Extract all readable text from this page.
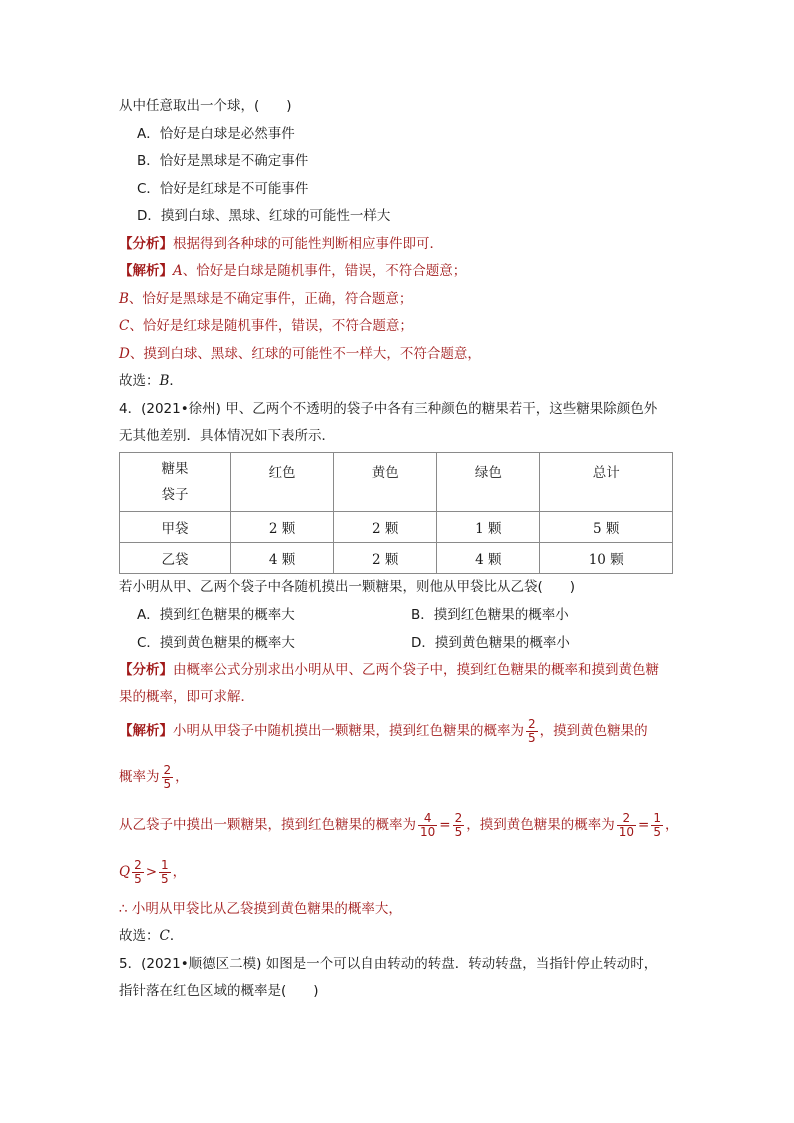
从中任意取出一个球，(　　)
A．恰好是白球是必然事件
B．恰好是黑球是不确定事件
C．恰好是红球是不可能事件
D．摸到白球、黑球、红球的可能性一样大
【分析】根据得到各种球的可能性判断相应事件即可．
【解析】A、恰好是白球是随机事件，错误，不符合题意；
B、恰好是黑球是不确定事件，正确，符合题意；
C、恰好是红球是随机事件，错误，不符合题意；
D、摸到白球、黑球、红球的可能性不一样大，不符合题意，
故选：B．
4．(2021•徐州) 甲、乙两个不透明的袋子中各有三种颜色的糖果若干，这些糖果除颜色外
无其他差别．具体情况如下表所示．
糖果
袋子	红色	黄色	绿色	总计

甲袋	2 颗	2 颗	1 颗	5 颗
乙袋	4 颗	2 颗	4 颗	10 颗
若小明从甲、乙两个袋子中各随机摸出一颗糖果，则他从甲袋比从乙袋(　　)
A．摸到红色糖果的概率大	B．摸到红色糖果的概率小
C．摸到黄色糖果的概率大	D．摸到黄色糖果的概率小
【分析】由概率公式分别求出小明从甲、乙两个袋子中，摸到红色糖果的概率和摸到黄色糖
果的概率，即可求解．
【解析】小明从甲袋子中随机摸出一颗糖果，摸到红色糖果的概率为 $\frac{2}{5}$ ，摸到黄色糖果的
概率为 $\frac{2}{5}$ ，
从乙袋子中摸出一颗糖果，摸到红色糖果的概率为 $\frac{4}{10} = \frac{2}{5}$ ，摸到黄色糖果的概率为 $\frac{2}{10} = \frac{1}{5}$ ，
Q $\frac{2}{5} > \frac{1}{5}$ ，
∴ 小明从甲袋比从乙袋摸到黄色糖果的概率大，
故选：C．
5．(2021•顺德区二模) 如图是一个可以自由转动的转盘．转动转盘，当指针停止转动时，
指针落在红色区域的概率是(　　)
